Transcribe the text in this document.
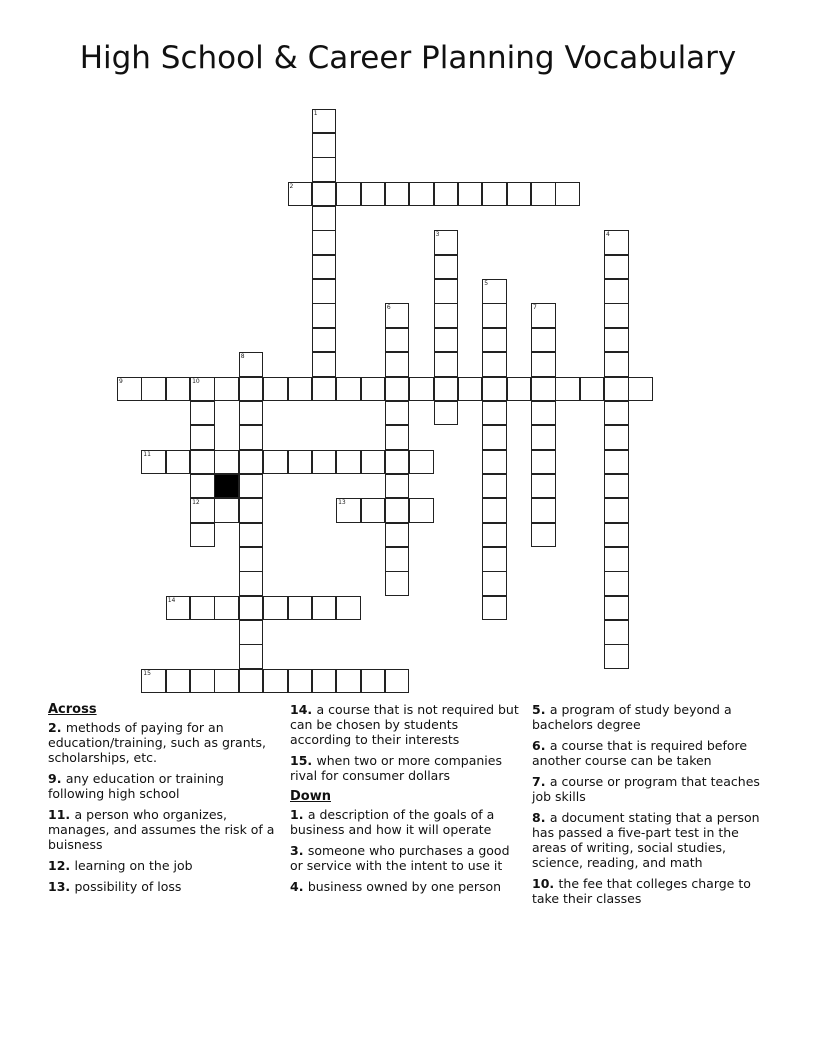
High School & Career Planning Vocabulary
2
9	10
11
12	13
14
15
1
3	4
5
6	7
8
Across
2. methods of paying for an education/training, such as grants, scholarships, etc.
9. any education or training following high school
11. a person who organizes, manages, and assumes the risk of a buisness
12. learning on the job
13. possibility of loss
14. a course that is not required but can be chosen by students according to their interests
15. when two or more companies rival for consumer dollars
Down
1. a description of the goals of a business and how it will operate
3. someone who purchases a good or service with the intent to use it
4. business owned by one person
5. a program of study beyond a bachelors degree
6. a course that is required before another course can be taken
7. a course or program that teaches job skills
8. a document stating that a person has passed a five-part test in the areas of writing, social studies, science, reading, and math
10. the fee that colleges charge to take their classes
